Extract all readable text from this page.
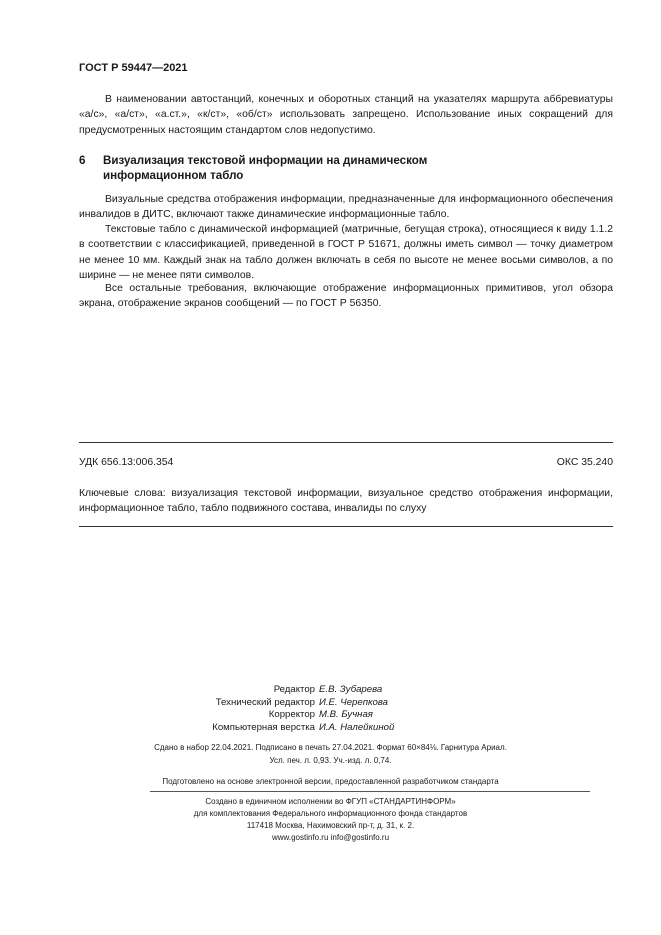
ГОСТ Р 59447—2021

В наименовании автостанций, конечных и оборотных станций на указателях маршрута аббревиатуры «а/с», «а/ст», «а.ст.», «к/ст», «об/ст» использовать запрещено. Использование иных сокращений для предусмотренных настоящим стандартом слов недопустимо.

6 Визуализация текстовой информации на динамическом
информационном табло

Визуальные средства отображения информации, предназначенные для информационного обеспечения инвалидов в ДИТС, включают также динамические информационные табло.

Текстовые табло с динамической информацией (матричные, бегущая строка), относящиеся к виду 1.1.2 в соответствии с классификацией, приведенной в ГОСТ Р 51671, должны иметь символ — точку диаметром не менее 10 мм. Каждый знак на табло должен включать в себя по высоте не менее восьми символов, а по ширине — не менее пяти символов.

Все остальные требования, включающие отображение информационных примитивов, угол обзора экрана, отображение экранов сообщений — по ГОСТ Р 56350.

УДК 656.13:006.354	ОКС 35.240

Ключевые слова: визуализация текстовой информации, визуальное средство отображения информации, информационное табло, табло подвижного состава, инвалиды по слуху

Редактор Е.В. Зубарева
Технический редактор И.Е. Черепкова
Корректор М.В. Бучная
Компьютерная верстка И.А. Налейкиной
Сдано в набор 22.04.2021. Подписано в печать 27.04.2021. Формат 60×84⅛. Гарнитура Ариал.
Усл. печ. л. 0,93. Уч.-изд. л. 0,74.
Подготовлено на основе электронной версии, предоставленной разработчиком стандарта
Создано в единичном исполнении во ФГУП «СТАНДАРТИНФОРМ»
для комплектования Федерального информационного фонда стандартов
117418 Москва, Нахимовский пр-т, д. 31, к. 2.
www.gostinfo.ru info@gostinfo.ru
